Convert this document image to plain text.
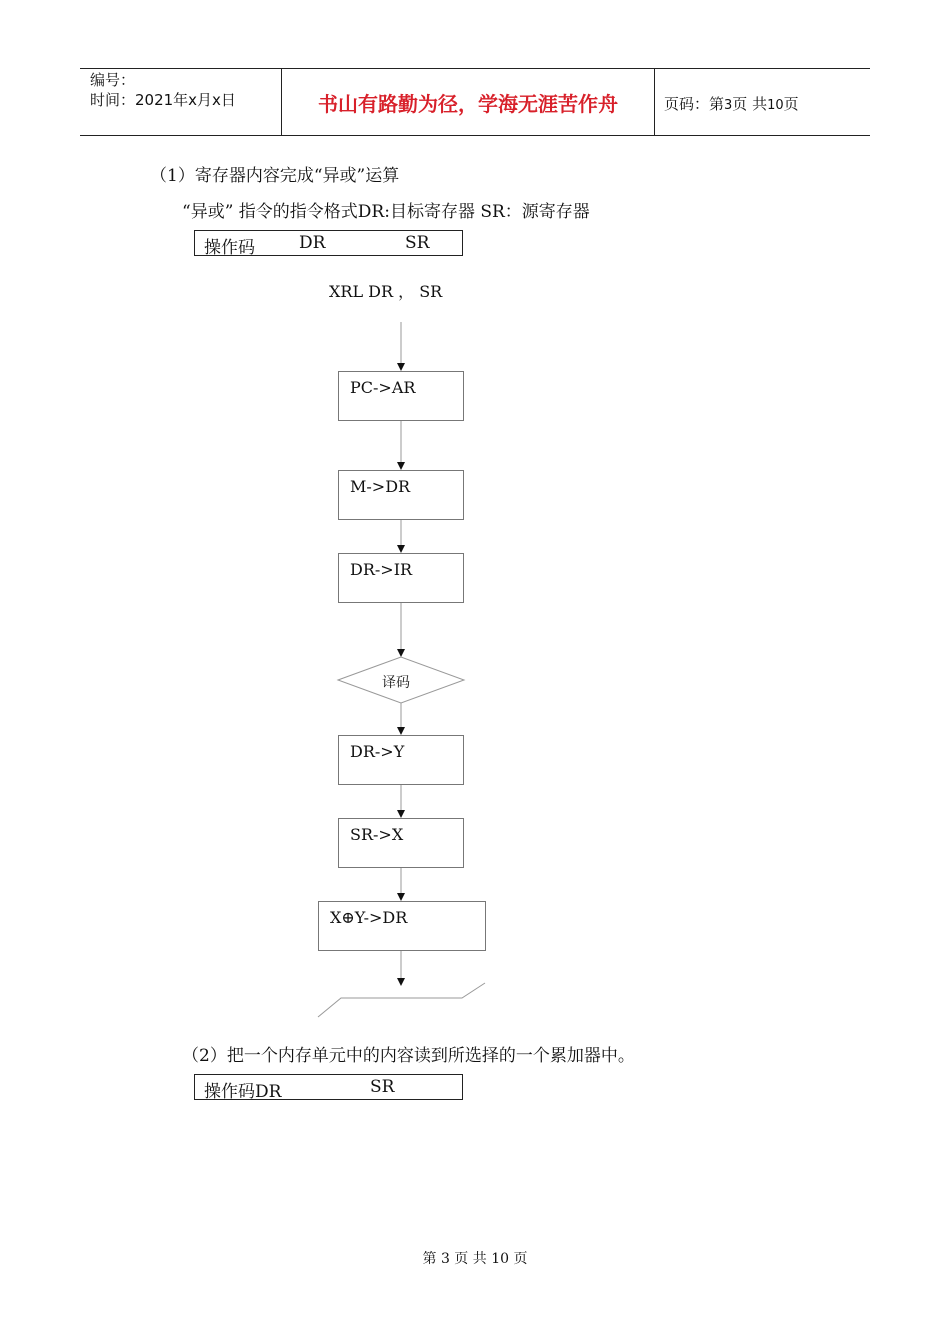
编号：
时间：2021年x月x日	书山有路勤为径，学海无涯苦作舟	页码：第3页 共10页
（1）寄存器内容完成“异或”运算
“异或” 指令的指令格式DR:目标寄存器 SR：源寄存器
操作码	DR	SR
XRL DR ， SR
PC->AR
M->DR
DR->IR
译码
DR->Y
SR->X
X⊕Y->DR
（2）把一个内存单元中的内容读到所选择的一个累加器中。
操作码DR	SR
第 3 页 共 10 页
